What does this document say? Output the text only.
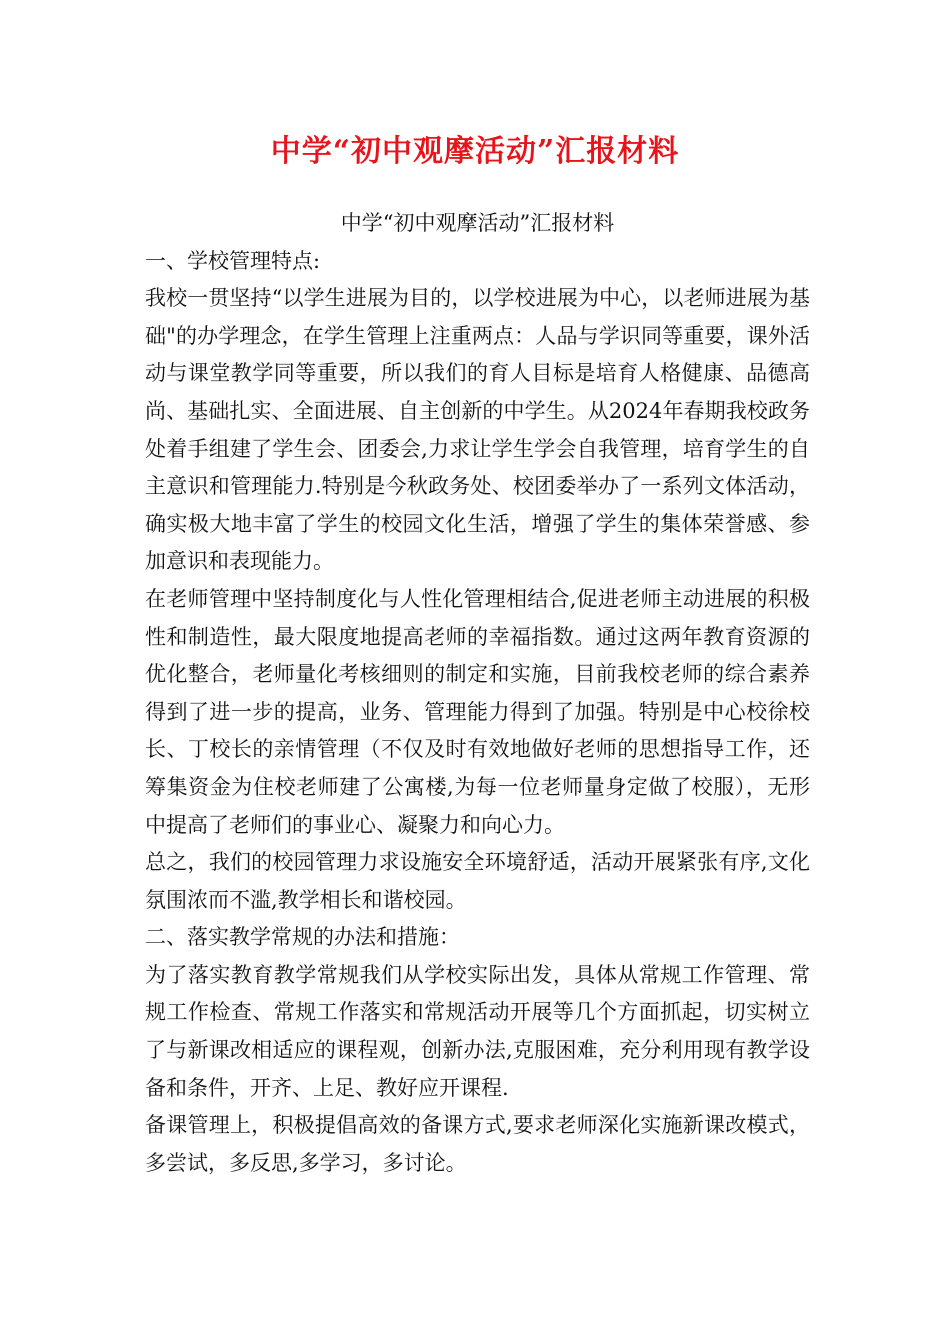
中学“初中观摩活动”汇报材料

中学“初中观摩活动”汇报材料

一、学校管理特点:

我校一贯坚持“以学生进展为目的，以学校进展为中心，以老师进展为基础"的办学理念，在学生管理上注重两点：人品与学识同等重要，课外活动与课堂教学同等重要，所以我们的育人目标是培育人格健康、品德高尚、基础扎实、全面进展、自主创新的中学生。从2024年春期我校政务处着手组建了学生会、团委会,力求让学生学会自我管理，培育学生的自主意识和管理能力.特别是今秋政务处、校团委举办了一系列文体活动，确实极大地丰富了学生的校园文化生活，增强了学生的集体荣誉感、参加意识和表现能力。

在老师管理中坚持制度化与人性化管理相结合,促进老师主动进展的积极性和制造性，最大限度地提高老师的幸福指数。通过这两年教育资源的优化整合，老师量化考核细则的制定和实施，目前我校老师的综合素养得到了进一步的提高，业务、管理能力得到了加强。特别是中心校徐校长、丁校长的亲情管理（不仅及时有效地做好老师的思想指导工作，还筹集资金为住校老师建了公寓楼,为每一位老师量身定做了校服），无形中提高了老师们的事业心、凝聚力和向心力。

总之，我们的校园管理力求设施安全环境舒适，活动开展紧张有序,文化氛围浓而不滥,教学相长和谐校园。

二、落实教学常规的办法和措施：

为了落实教育教学常规我们从学校实际出发，具体从常规工作管理、常规工作检查、常规工作落实和常规活动开展等几个方面抓起，切实树立了与新课改相适应的课程观，创新办法,克服困难，充分利用现有教学设备和条件，开齐、上足、教好应开课程.

备课管理上，积极提倡高效的备课方式,要求老师深化实施新课改模式，多尝试，多反思,多学习，多讨论。
